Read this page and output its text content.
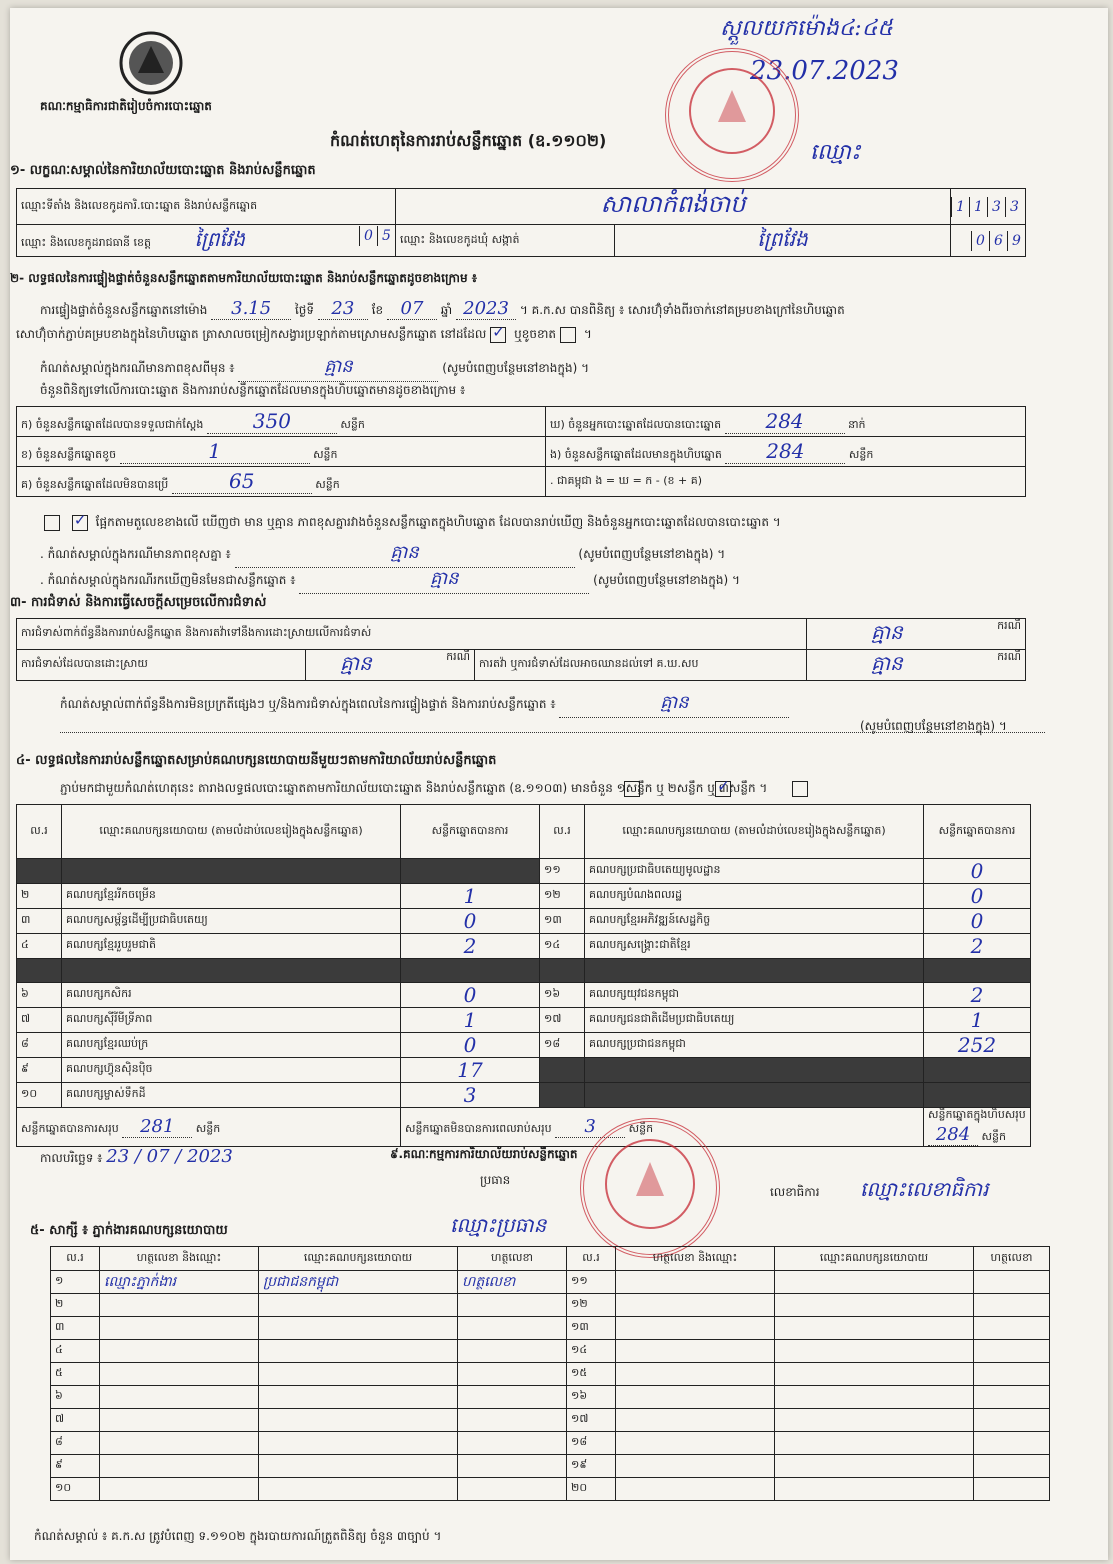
គណៈកម្មាធិការជាតិរៀបចំការបោះឆ្នោត
ស្តួលយកម៉ោង៤:៤៥
23.07.2023
ឈ្មោះ
កំណត់ហេតុនៃការរាប់សន្លឹកឆ្នោត (ឧ.១១០២)
១- លក្ខណៈសម្គាល់នៃការិយាល័យបោះឆ្នោត និងរាប់សន្លឹកឆ្នោត
ឈ្មោះទីតាំង និងលេខកូដការិ.បោះឆ្នោត និងរាប់សន្លឹកឆ្នោត	សាលាកំពង់ចាប់		1 1 3 3
ឈ្មោះ និងលេខកូដរាជធានី ខេត្ត ព្រៃវែង 0 5	ឈ្មោះ និងលេខកូដឃុំ សង្កាត់	ព្រៃវែង	0 6 9
២- លទ្ធផលនៃការផ្ទៀងផ្ទាត់ចំនួនសន្លឹកឆ្នោតតាមការិយាល័យបោះឆ្នោត និងរាប់សន្លឹកឆ្នោតដូចខាងក្រោម ៖
ការផ្ទៀងផ្ទាត់ចំនួនសន្លឹកឆ្នោតនៅម៉ោង 3.15 ថ្ងៃទី 23 ខែ 07 ឆ្នាំ 2023 ។ គ.ក.ស បានពិនិត្យ ៖ សោរហ៊ុំទាំងពីរចាក់នៅគម្របខាងក្រៅនៃហិបឆ្នោត
សោហ៊ុំចាក់ភ្ជាប់គម្របខាងក្នុងនៃហិបឆ្នោត ត្រាសាលចម្រៀកសង្វារប្រឡាក់តាមស្រោមសន្លឹកឆ្នោត នៅដដែល ✓ ឬខូចខាត ។
កំណត់សម្គាល់ក្នុងករណីមានភាពខុសពីមុន ៖	គ្មាន	(សូមបំពេញបន្ថែមនៅខាងក្នុង) ។
ចំនួនពិនិត្យទៅលើការបោះឆ្នោត និងការរាប់សន្លឹកឆ្នោតដែលមានក្នុងហិបឆ្នោតមានដូចខាងក្រោម ៖
ក) ចំនួនសន្លឹកឆ្នោតដែលបានទទួលជាក់ស្តែង 350 សន្លឹក	ឃ) ចំនួនអ្នកបោះឆ្នោតដែលបានបោះឆ្នោត 284 នាក់
ខ) ចំនួនសន្លឹកឆ្នោតខូច 1 សន្លឹក	ង) ចំនួនសន្លឹកឆ្នោតដែលមានក្នុងហិបឆ្នោត 284 សន្លឹក
គ) ចំនួនសន្លឹកឆ្នោតដែលមិនបានប្រើ 65 សន្លឹក	. ជាគម្ពុជា ង = ឃ = ក - (ខ + គ)
✓ ផ្អែកតាមតួលេខខាងលើ ឃើញថា មាន ឬគ្មាន ភាពខុសគ្នារវាងចំនួនសន្លឹកឆ្នោតក្នុងហិបឆ្នោត ដែលបានរាប់ឃើញ និងចំនួនអ្នកបោះឆ្នោតដែលបានបោះឆ្នោត ។
. កំណត់សម្គាល់ក្នុងករណីមានភាពខុសគ្នា ៖	គ្មាន	(សូមបំពេញបន្ថែមនៅខាងក្នុង) ។
. កំណត់សម្គាល់ក្នុងករណីរកឃើញមិនមែនជាសន្លឹកឆ្នោត ៖	គ្មាន	(សូមបំពេញបន្ថែមនៅខាងក្នុង) ។
៣- ការជំទាស់ និងការធ្វើសេចក្តីសម្រេចលើការជំទាស់
ការជំទាស់ពាក់ព័ន្ធនឹងការរាប់សន្លឹកឆ្នោត និងការតវ៉ាទៅនឹងការដោះស្រាយលើការជំទាស់			គ្មាន ករណី

ការជំទាស់ដែលបានដោះស្រាយ	គ្មាន ករណី	ការតវ៉ា ឬការជំទាស់ដែលអាចឈានដល់ទៅ គ.ឃ.សប	គ្មាន ករណី
កំណត់សម្គាល់ពាក់ព័ន្ធនឹងការមិនប្រក្រតីផ្សេងៗ ឬ/និងការជំទាស់ក្នុងពេលនៃការផ្ទៀងផ្ទាត់ និងការរាប់សន្លឹកឆ្នោត ៖	គ្មាន
(សូមបំពេញបន្ថែមនៅខាងក្នុង) ។
៤- លទ្ធផលនៃការរាប់សន្លឹកឆ្នោតសម្រាប់គណបក្សនយោបាយនីមួយៗតាមការិយាល័យរាប់សន្លឹកឆ្នោត
ភ្ជាប់មកជាមួយកំណត់ហេតុនេះ តារាងលទ្ធផលបោះឆ្នោតតាមការិយាល័យបោះឆ្នោត និងរាប់សន្លឹកឆ្នោត (ឧ.១១០៣) មានចំនួន ១សន្លឹក ឬ ២សន្លឹក ឬ ៣សន្លឹក ។
✓
ល.រ	ឈ្មោះគណបក្សនយោបាយ (តាមលំដាប់លេខរៀងក្នុងសន្លឹកឆ្នោត)	សន្លឹកឆ្នោតបានការ	ល.រ	ឈ្មោះគណបក្សនយោបាយ (តាមលំដាប់លេខរៀងក្នុងសន្លឹកឆ្នោត)	សន្លឹកឆ្នោតបានការ
			១១	គណបក្សប្រជាធិបតេយ្យមូលដ្ឋាន	0
២	គណបក្សខ្មែររីកចម្រើន	1	១២	គណបក្សបំណងពលរដ្ឋ	0
៣	គណបក្សសម្ព័ន្ធដើម្បីប្រជាធិបតេយ្យ	0	១៣	គណបក្សខ្មែរអភិវឌ្ឍន៍សេដ្ឋកិច្ច	0
៤	គណបក្សខ្មែររួបរួមជាតិ	2	១៤	គណបក្សសង្គ្រោះជាតិខ្មែរ	2

៦	គណបក្សកសិករ	0	១៦	គណបក្សយុវជនកម្ពុជា	2
៧	គណបក្សស៊ីរីមីទ្រីភាព	1	១៧	គណបក្សជនជាតិដើមប្រជាធិបតេយ្យ	1
៨	គណបក្សខ្មែរឈប់ក្រ	0	១៨	គណបក្សប្រជាជនកម្ពុជា	252
៩	គណបក្សហ៊្វុនស៊ិនប៉ិច	17			
១០	គណបក្សម្ចាស់ទឹកដី	3			
សន្លឹកឆ្នោតបានការសរុប 281 សន្លឹក		សន្លឹកឆ្នោតមិនបានការពេលរាប់សរុប 3 សន្លឹក			សន្លឹកឆ្នោតក្នុងហិបសរុប 284 សន្លឹក
កាលបរិច្ឆេទ ៖ 23 / 07 / 2023	៩.គណៈកម្មការការិយាល័យរាប់សន្លឹកឆ្នោត
ប្រធាន
ឈ្មោះប្រធាន
លេខាធិការ ឈ្មោះលេខាធិការ
៥- សាក្សី ៖ ភ្នាក់ងារគណបក្សនយោបាយ
ល.រ	ហត្ថលេខា និងឈ្មោះ	ឈ្មោះគណបក្សនយោបាយ	ហត្ថលេខា	ល.រ	ហត្ថលេខា និងឈ្មោះ	ឈ្មោះគណបក្សនយោបាយ	ហត្ថលេខា
១	ឈ្មោះភ្នាក់ងារ	ប្រជាជនកម្ពុជា	ហត្ថលេខា	១១			
២				១២			
៣				១៣			
៤				១៤			
៥				១៥			
៦				១៦			
៧				១៧			
៨				១៨			
៩				១៩			
១០				២០			
កំណត់សម្គាល់ ៖ គ.ក.ស ត្រូវបំពេញ ទ.១១០២ ក្នុងរបាយការណ៍ត្រួតពិនិត្យ ចំនួន ៣ច្បាប់ ។
